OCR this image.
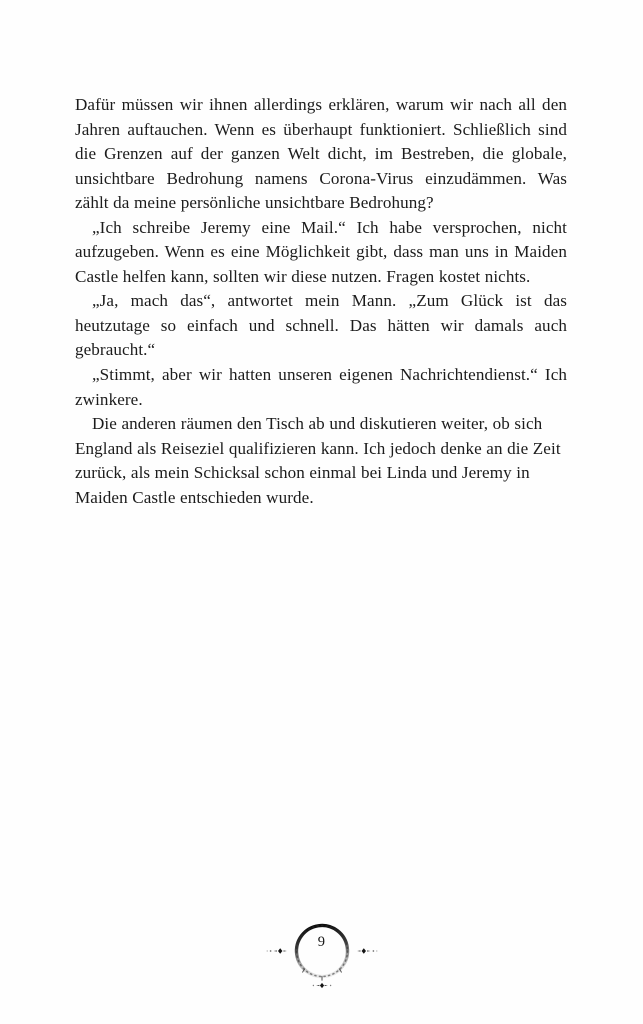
Dafür müssen wir ihnen allerdings erklären, warum wir nach all den Jahren auftauchen. Wenn es überhaupt funktioniert. Schließlich sind die Grenzen auf der ganzen Welt dicht, im Bestreben, die globale, unsichtbare Bedrohung namens Corona-Virus einzudämmen. Was zählt da meine persönliche unsichtbare Bedrohung?

„Ich schreibe Jeremy eine Mail.“ Ich habe versprochen, nicht aufzugeben. Wenn es eine Möglichkeit gibt, dass man uns in Maiden Castle helfen kann, sollten wir diese nutzen. Fragen kostet nichts.

„Ja, mach das“, antwortet mein Mann. „Zum Glück ist das heutzutage so einfach und schnell. Das hätten wir damals auch gebraucht.“

„Stimmt, aber wir hatten unseren eigenen Nachrichtendienst.“ Ich zwinkere.

Die anderen räumen den Tisch ab und diskutieren weiter, ob sich England als Reiseziel qualifizieren kann. Ich jedoch denke an die Zeit zurück, als mein Schicksal schon einmal bei Linda und Jeremy in Maiden Castle entschieden wurde.

9
